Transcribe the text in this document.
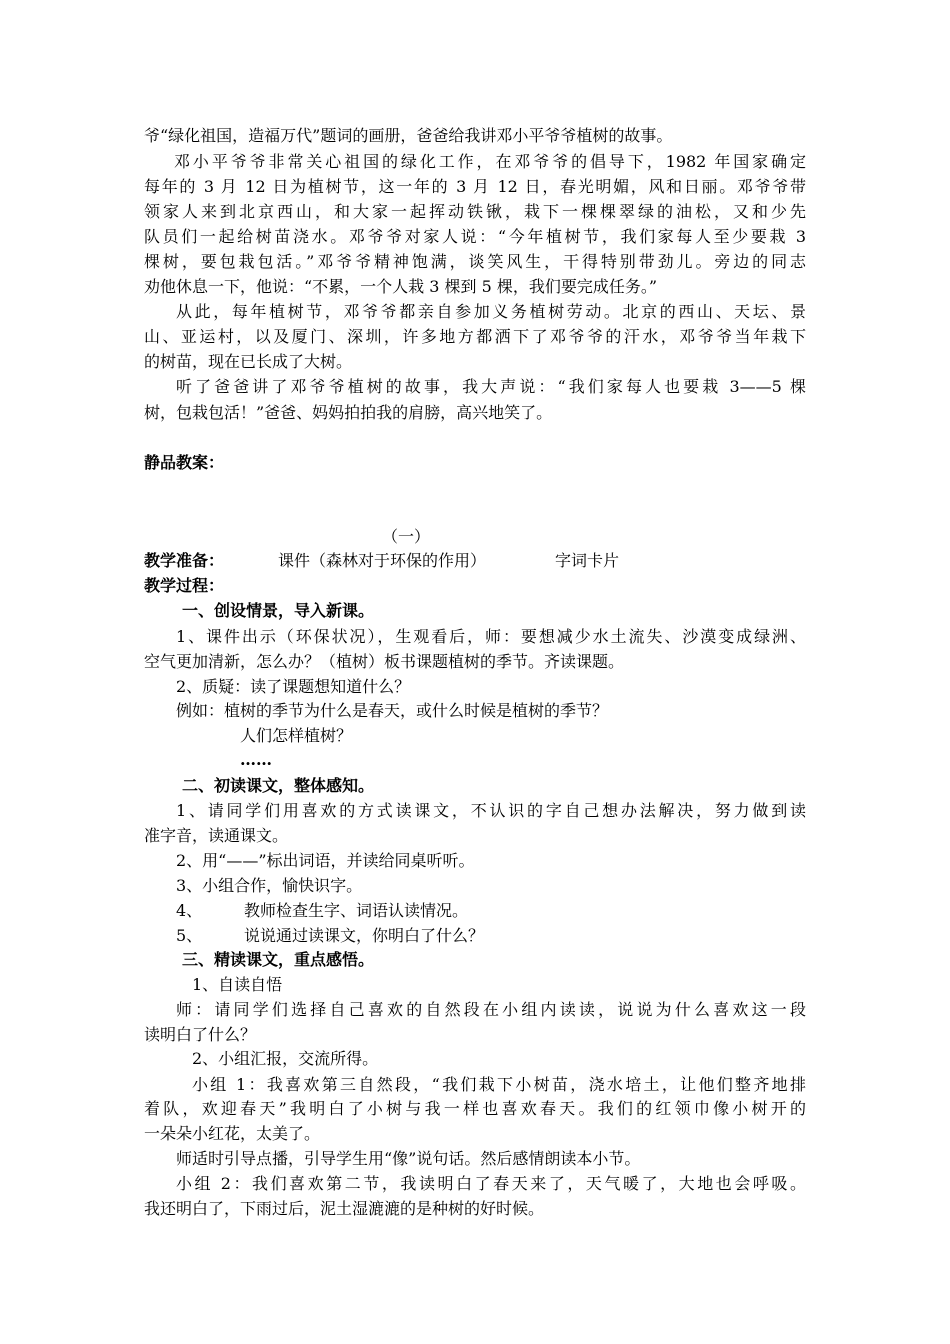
爷“绿化祖国，造福万代”题词的画册，爸爸给我讲邓小平爷爷植树的故事。
邓小平爷爷非常关心祖国的绿化工作，在邓爷爷的倡导下，1982 年国家确定
每年的 3 月 12 日为植树节，这一年的 3 月 12 日，春光明媚，风和日丽。邓爷爷带
领家人来到北京西山，和大家一起挥动铁锹，栽下一棵棵翠绿的油松，又和少先
队员们一起给树苗浇水。邓爷爷对家人说：“今年植树节，我们家每人至少要栽 3
棵树，要包栽包活。”邓爷爷精神饱满，谈笑风生，干得特别带劲儿。旁边的同志
劝他休息一下，他说：“不累，一个人栽 3 棵到 5 棵，我们要完成任务。”
从此，每年植树节，邓爷爷都亲自参加义务植树劳动。北京的西山、天坛、景
山、亚运村，以及厦门、深圳，许多地方都洒下了邓爷爷的汗水，邓爷爷当年栽下
的树苗，现在已长成了大树。
听了爸爸讲了邓爷爷植树的故事，我大声说：“我们家每人也要栽 3——5 棵
树，包栽包活！”爸爸、妈妈拍拍我的肩膀，高兴地笑了。
静品教案：
（一）
教学准备：	课件（森林对于环保的作用）	字词卡片
教学过程：
一、创设情景，导入新课。
1、课件出示（环保状况），生观看后，师：要想减少水土流失、沙漠变成绿洲、
空气更加清新，怎么办？（植树）板书课题植树的季节。齐读课题。
2、质疑：读了课题想知道什么？
例如：植树的季节为什么是春天，或什么时候是植树的季节？
人们怎样植树？
……
二、初读课文，整体感知。
1、请同学们用喜欢的方式读课文，不认识的字自己想办法解决，努力做到读
准字音，读通课文。
2、用“——”标出词语，并读给同桌听听。
3、小组合作，愉快识字。
4、	教师检查生字、词语认读情况。
5、	说说通过读课文，你明白了什么？
三、精读课文，重点感悟。
1、自读自悟
师：请同学们选择自己喜欢的自然段在小组内读读，说说为什么喜欢这一段
读明白了什么？
2、小组汇报，交流所得。
小组 1：我喜欢第三自然段，“我们栽下小树苗，浇水培土，让他们整齐地排
着队，欢迎春天”我明白了小树与我一样也喜欢春天。我们的红领巾像小树开的
一朵朵小红花，太美了。
师适时引导点播，引导学生用“像”说句话。然后感情朗读本小节。
小组 2：我们喜欢第二节，我读明白了春天来了，天气暖了，大地也会呼吸。
我还明白了，下雨过后，泥土湿漉漉的是种树的好时候。
